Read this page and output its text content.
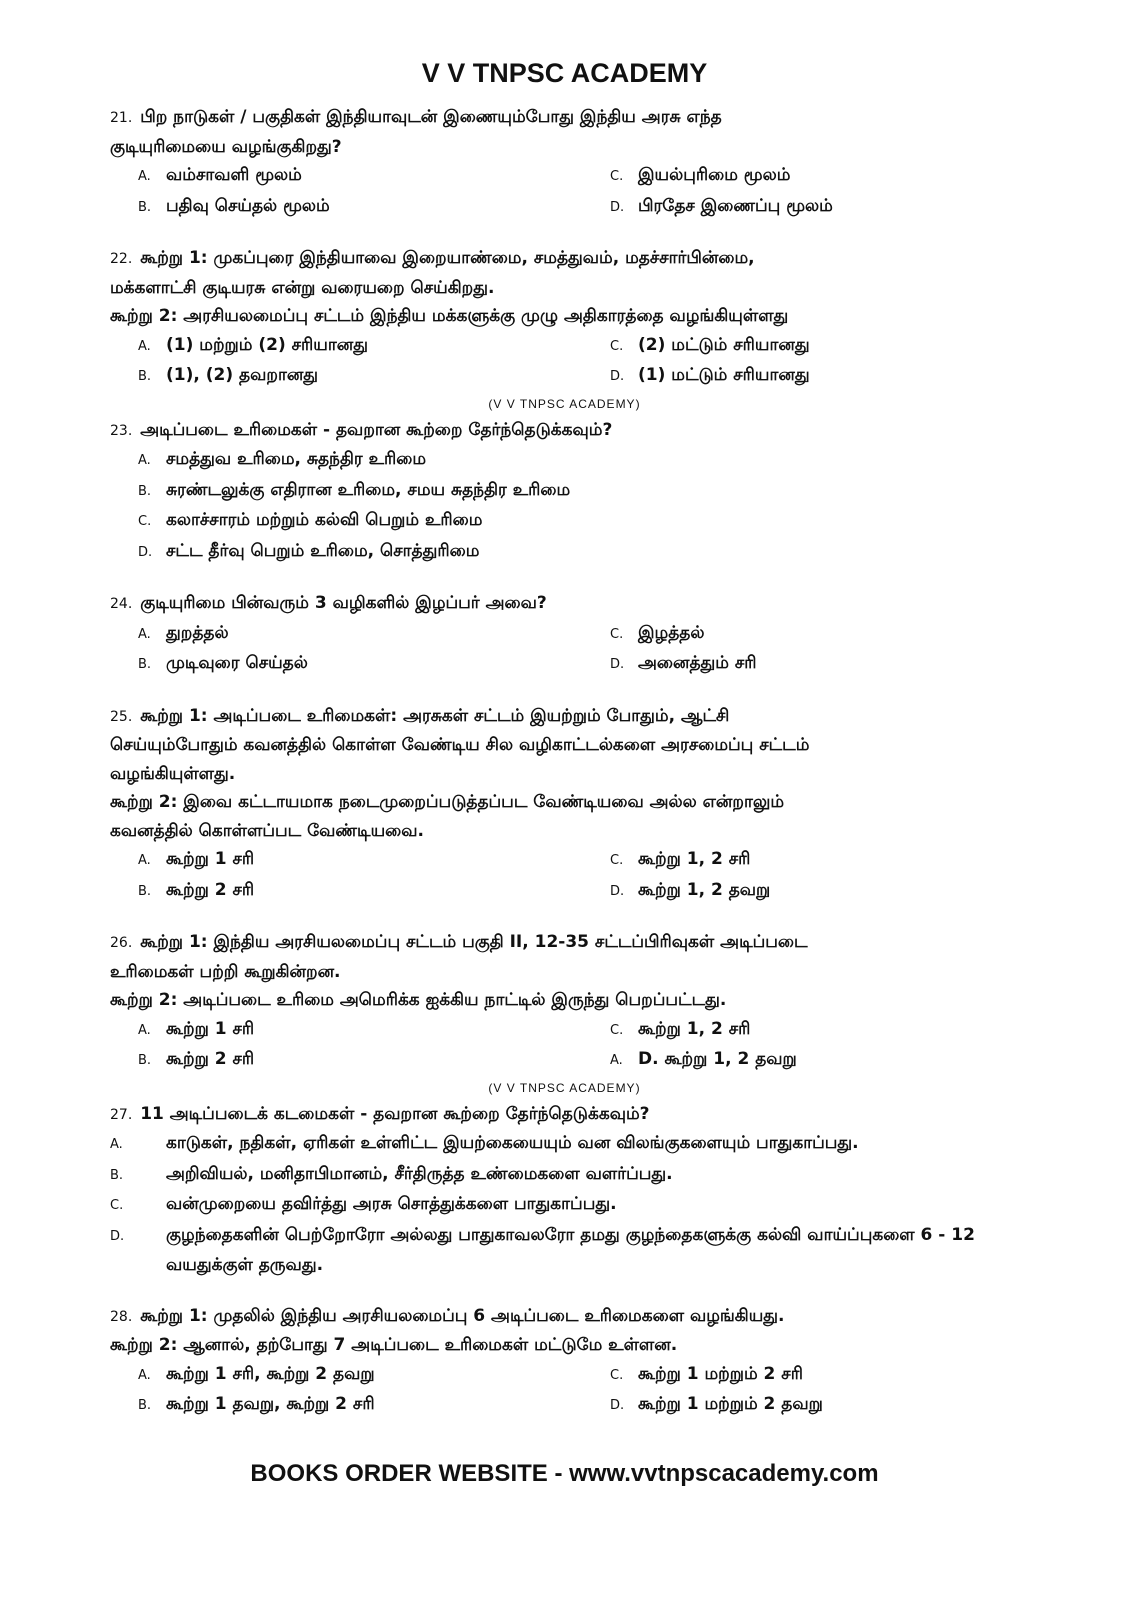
V V TNPSC ACADEMY
21. பிற நாடுகள் / பகுதிகள் இந்தியாவுடன் இணையும்போது இந்திய அரசு எந்த
குடியுரிமையை வழங்குகிறது?
A. வம்சாவளி மூலம்	C. இயல்புரிமை மூலம்
B. பதிவு செய்தல் மூலம்	D. பிரதேச இணைப்பு மூலம்
22. கூற்று 1: முகப்புரை இந்தியாவை இறையாண்மை, சமத்துவம், மதச்சார்பின்மை,
மக்களாட்சி குடியரசு என்று வரையறை செய்கிறது.
கூற்று 2: அரசியலமைப்பு சட்டம் இந்திய மக்களுக்கு முழு அதிகாரத்தை வழங்கியுள்ளது
A. (1) மற்றும் (2) சரியானது	C. (2) மட்டும் சரியானது
B. (1), (2) தவறானது	D. (1) மட்டும் சரியானது
(V V TNPSC ACADEMY)
23. அடிப்படை உரிமைகள் - தவறான கூற்றை தேர்ந்தெடுக்கவும்?
A. சமத்துவ உரிமை, சுதந்திர உரிமை
B. சுரண்டலுக்கு எதிரான உரிமை, சமய சுதந்திர உரிமை
C. கலாச்சாரம் மற்றும் கல்வி பெறும் உரிமை
D. சட்ட தீர்வு பெறும் உரிமை, சொத்துரிமை
24. குடியுரிமை பின்வரும் 3 வழிகளில் இழப்பர் அவை?
A. துறத்தல்	C. இழத்தல்
B. முடிவுரை செய்தல்	D. அனைத்தும் சரி
25. கூற்று 1: அடிப்படை உரிமைகள்: அரசுகள் சட்டம் இயற்றும் போதும், ஆட்சி
செய்யும்போதும் கவனத்தில் கொள்ள வேண்டிய சில வழிகாட்டல்களை அரசமைப்பு சட்டம்
வழங்கியுள்ளது.
கூற்று 2: இவை கட்டாயமாக நடைமுறைப்படுத்தப்பட வேண்டியவை அல்ல என்றாலும்
கவனத்தில் கொள்ளப்பட வேண்டியவை.
A. கூற்று 1 சரி	C. கூற்று 1, 2 சரி
B. கூற்று 2 சரி	D. கூற்று 1, 2 தவறு
26. கூற்று 1: இந்திய அரசியலமைப்பு சட்டம் பகுதி II, 12-35 சட்டப்பிரிவுகள் அடிப்படை
உரிமைகள் பற்றி கூறுகின்றன.
கூற்று 2: அடிப்படை உரிமை அமெரிக்க ஐக்கிய நாட்டில் இருந்து பெறப்பட்டது.
A. கூற்று 1 சரி	C. கூற்று 1, 2 சரி
B. கூற்று 2 சரி	A. D. கூற்று 1, 2 தவறு
(V V TNPSC ACADEMY)
27. 11 அடிப்படைக் கடமைகள் - தவறான கூற்றை தேர்ந்தெடுக்கவும்?
A.	காடுகள், நதிகள், ஏரிகள் உள்ளிட்ட இயற்கையையும் வன விலங்குகளையும் பாதுகாப்பது.
B.	அறிவியல், மனிதாபிமானம், சீர்திருத்த உண்மைகளை வளர்ப்பது.
C.	வன்முறையை தவிர்த்து அரசு சொத்துக்களை பாதுகாப்பது.
D. குழந்தைகளின் பெற்றோரோ அல்லது பாதுகாவலரோ தமது குழந்தைகளுக்கு கல்வி வாய்ப்புகளை 6 - 12 வயதுக்குள் தருவது.
28. கூற்று 1: முதலில் இந்திய அரசியலமைப்பு 6 அடிப்படை உரிமைகளை வழங்கியது.
கூற்று 2: ஆனால், தற்போது 7 அடிப்படை உரிமைகள் மட்டுமே உள்ளன.
A. கூற்று 1 சரி, கூற்று 2 தவறு	C. கூற்று 1 மற்றும் 2 சரி
B. கூற்று 1 தவறு, கூற்று 2 சரி	D. கூற்று 1 மற்றும் 2 தவறு
BOOKS ORDER WEBSITE - www.vvtnpscacademy.com
